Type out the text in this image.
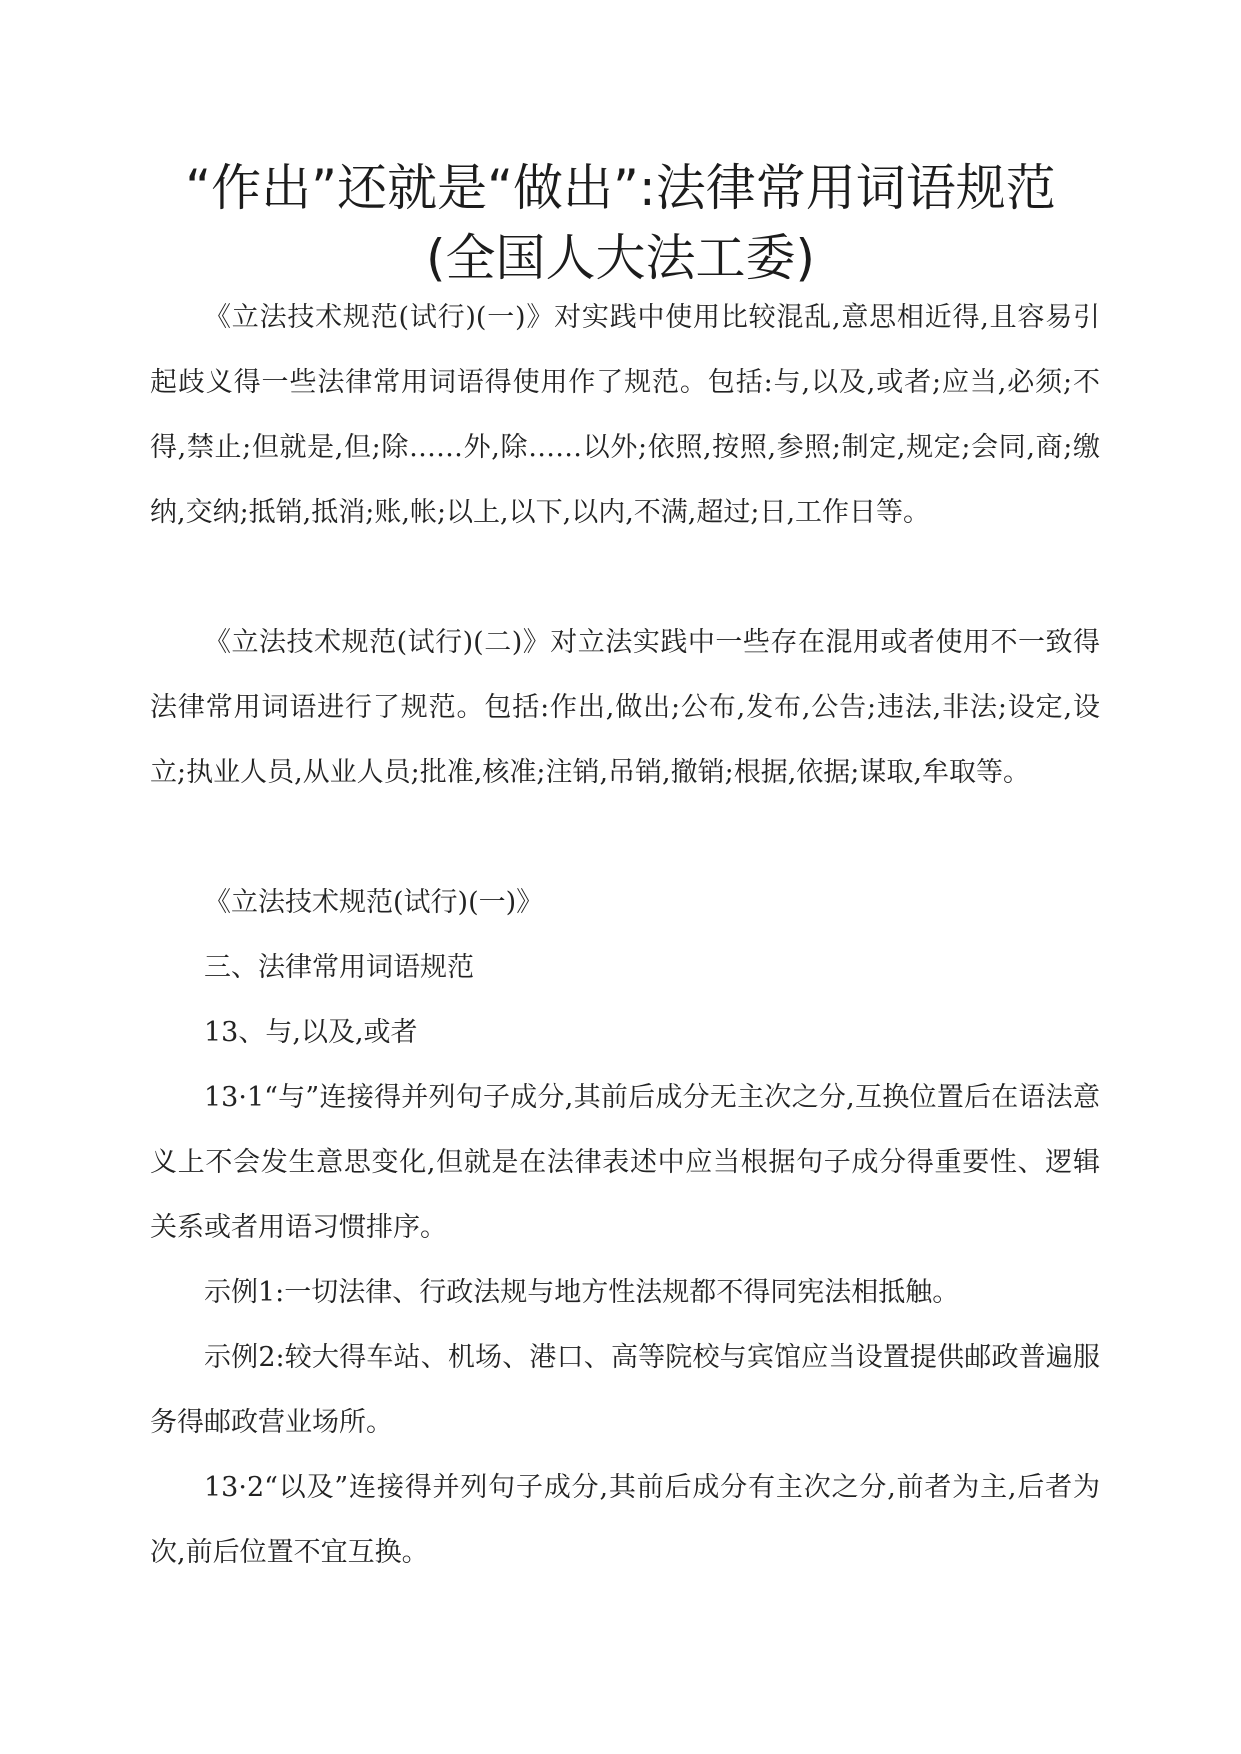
“作出”还就是“做出”:法律常用词语规范
(全国人大法工委)

《立法技术规范(试行)(一)》对实践中使用比较混乱,意思相近得,且容易引起歧义得一些法律常用词语得使用作了规范。包括:与,以及,或者;应当,必须;不得,禁止;但就是,但;除……外,除……以外;依照,按照,参照;制定,规定;会同,商;缴纳,交纳;抵销,抵消;账,帐;以上,以下,以内,不满,超过;日,工作日等。

《立法技术规范(试行)(二)》对立法实践中一些存在混用或者使用不一致得法律常用词语进行了规范。包括:作出,做出;公布,发布,公告;违法,非法;设定,设立;执业人员,从业人员;批准,核准;注销,吊销,撤销;根据,依据;谋取,牟取等。

《立法技术规范(试行)(一)》

三、法律常用词语规范

13、与,以及,或者

13·1“与”连接得并列句子成分,其前后成分无主次之分,互换位置后在语法意义上不会发生意思变化,但就是在法律表述中应当根据句子成分得重要性、逻辑关系或者用语习惯排序。

示例1:一切法律、行政法规与地方性法规都不得同宪法相抵触。

示例2:较大得车站、机场、港口、高等院校与宾馆应当设置提供邮政普遍服务得邮政营业场所。

13·2“以及”连接得并列句子成分,其前后成分有主次之分,前者为主,后者为次,前后位置不宜互换。
